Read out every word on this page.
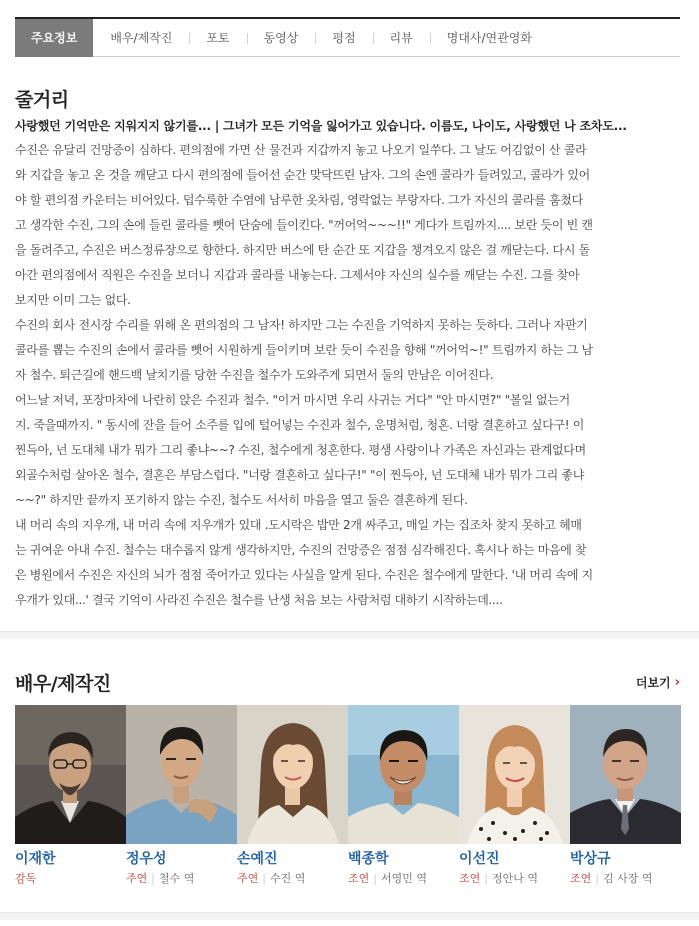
주요정보	배우/제작진	포토	동영상	평점	리뷰	명대사/연관영화
줄거리
사랑했던 기억만은 지워지지 않기를... | 그녀가 모든 기억을 잃어가고 있습니다. 이름도, 나이도, 사랑했던 나 조차도...

수진은 유달리 건망증이 심하다. 편의점에 가면 산 물건과 지갑까지 놓고 나오기 일쑤다. 그 날도 어김없이 산 콜라

와 지갑을 놓고 온 것을 깨닫고 다시 편의점에 들어선 순간 맞닥뜨린 남자. 그의 손엔 콜라가 들려있고, 콜라가 있어

야 할 편의점 카운터는 비어있다. 덥수룩한 수염에 남루한 옷차림, 영락없는 부랑자다. 그가 자신의 콜라를 훔쳤다

고 생각한 수진, 그의 손에 들린 콜라를 뺏어 단숨에 들이킨다. "꺼어억~~~!!" 게다가 트림까지.... 보란 듯이 빈 캔

을 돌려주고, 수진은 버스정류장으로 향한다. 하지만 버스에 탄 순간 또 지갑을 챙겨오지 않은 걸 깨닫는다. 다시 돌

아간 편의점에서 직원은 수진을 보더니 지갑과 콜라를 내놓는다. 그제서야 자신의 실수를 깨닫는 수진. 그를 찾아

보지만 이미 그는 없다.

수진의 회사 전시장 수리를 위해 온 편의점의 그 남자! 하지만 그는 수진을 기억하지 못하는 듯하다. 그러나 자판기

콜라를 뽑는 수진의 손에서 콜라를 뺏어 시원하게 들이키며 보란 듯이 수진을 향해 "꺼어억~!" 트림까지 하는 그 남

자 철수. 퇴근길에 핸드백 날치기를 당한 수진을 철수가 도와주게 되면서 둘의 만남은 이어진다.

어느날 저녁, 포장마차에 나란히 앉은 수진과 철수. "이거 마시면 우리 사귀는 거다" "안 마시면?" "볼일 없는거

지. 죽을때까지. " 동시에 잔을 들어 소주를 입에 털어넣는 수진과 철수, 운명처럼, 청혼. 너랑 결혼하고 싶다구! 이

찐득아, 넌 도대체 내가 뭐가 그리 좋냐~~? 수진, 철수에게 청혼한다. 평생 사랑이나 가족은 자신과는 관계없다며

외골수처럼 살아온 철수, 결혼은 부담스럽다. "너랑 결혼하고 싶다구!" "이 찐득아, 넌 도대체 내가 뭐가 그리 좋냐

~~?" 하지만 끝까지 포기하지 않는 수진, 철수도 서서히 마음을 열고 둘은 결혼하게 된다.

내 머리 속의 지우개, 내 머리 속에 지우개가 있대 .도시락은 밥만 2개 싸주고, 매일 가는 집조차 찾지 못하고 헤매

는 귀여운 아내 수진. 철수는 대수롭지 않게 생각하지만, 수진의 건망증은 점점 심각해진다. 혹시나 하는 마음에 찾

은 병원에서 수진은 자신의 뇌가 점점 죽어가고 있다는 사실을 알게 된다. 수진은 철수에게 말한다. '내 머리 속에 지

우개가 있대...' 결국 기억이 사라진 수진은 철수를 난생 처음 보는 사람처럼 대하기 시작하는데....

배우/제작진	더보기 ›
이재한
감독
정우성
주연 | 철수 역
손예진
주연 | 수진 역
백종학
조연 | 서영민 역
이선진
조연 | 정안나 역
박상규
조연 | 김 사장 역
